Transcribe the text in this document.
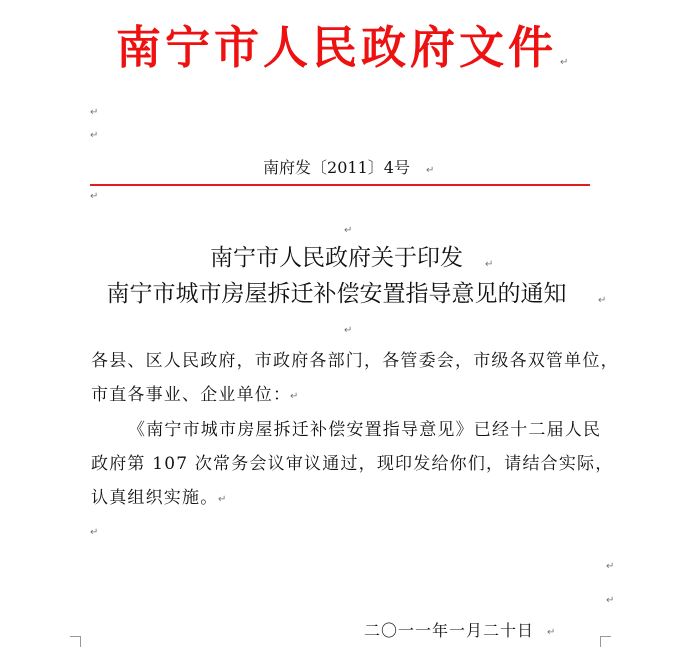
南宁市人民政府文件 ↵
↵
↵
南府发〔2011〕4号	↵
↵
↵
南宁市人民政府关于印发	↵
南宁市城市房屋拆迁补偿安置指导意见的通知	↵
↵
各县、区人民政府，市政府各部门，各管委会，市级各双管单位，
市直各事业、企业单位：
↵
《南宁市城市房屋拆迁补偿安置指导意见》已经十二届人民
政府第 107 次常务会议审议通过，现印发给你们，请结合实际，
认真组织实施。 ↵
↵
↵
↵
二〇一一年一月二十日 ↵
